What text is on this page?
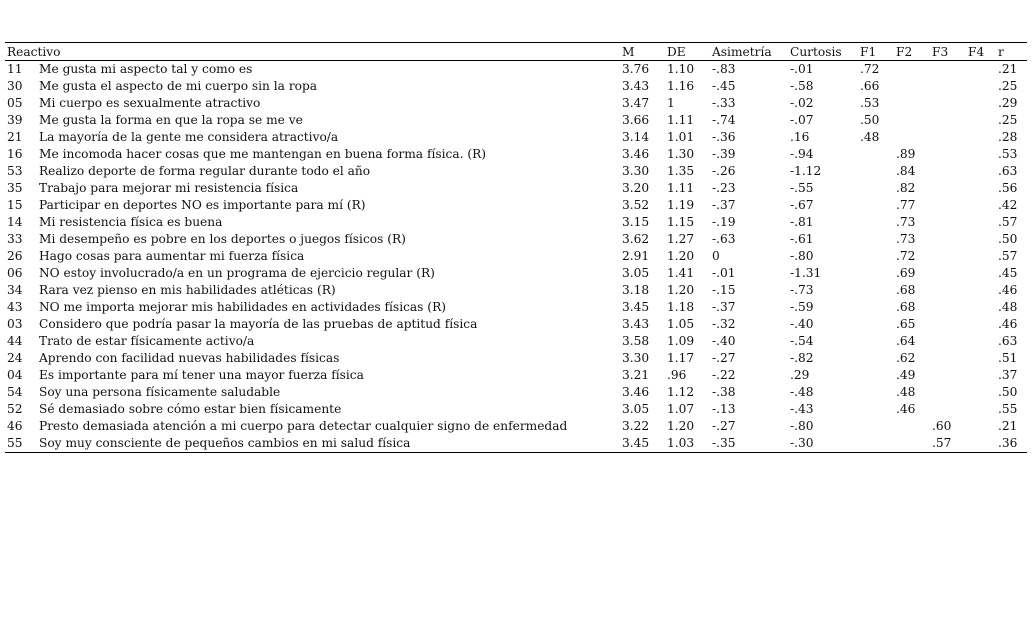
Reactivo		M	DE	Asimetría	Curtosis	F1	F2	F3	F4	r
11	Me gusta mi aspecto tal y como es	3.76	1.10	-.83	-.01	.72				.21
30	Me gusta el aspecto de mi cuerpo sin la ropa	3.43	1.16	-.45	-.58	.66				.25
05	Mi cuerpo es sexualmente atractivo	3.47	1	-.33	-.02	.53				.29
39	Me gusta la forma en que la ropa se me ve	3.66	1.11	-.74	-.07	.50				.25
21	La mayoría de la gente me considera atractivo/a	3.14	1.01	-.36	.16	.48				.28
16	Me incomoda hacer cosas que me mantengan en buena forma física. (R)	3.46	1.30	-.39	-.94		.89			.53
53	Realizo deporte de forma regular durante todo el año	3.30	1.35	-.26	-1.12		.84			.63
35	Trabajo para mejorar mi resistencia física	3.20	1.11	-.23	-.55		.82			.56
15	Participar en deportes NO es importante para mí (R)	3.52	1.19	-.37	-.67		.77			.42
14	Mi resistencia física es buena	3.15	1.15	-.19	-.81		.73			.57
33	Mi desempeño es pobre en los deportes o juegos físicos (R)	3.62	1.27	-.63	-.61		.73			.50
26	Hago cosas para aumentar mi fuerza física	2.91	1.20	0	-.80		.72			.57
06	NO estoy involucrado/a en un programa de ejercicio regular (R)	3.05	1.41	-.01	-1.31		.69			.45
34	Rara vez pienso en mis habilidades atléticas (R)	3.18	1.20	-.15	-.73		.68			.46
43	NO me importa mejorar mis habilidades en actividades físicas (R)	3.45	1.18	-.37	-.59		.68			.48
03	Considero que podría pasar la mayoría de las pruebas de aptitud física	3.43	1.05	-.32	-.40		.65			.46
44	Trato de estar físicamente activo/a	3.58	1.09	-.40	-.54		.64			.63
24	Aprendo con facilidad nuevas habilidades físicas	3.30	1.17	-.27	-.82		.62			.51
04	Es importante para mí tener una mayor fuerza física	3.21	.96	-.22	.29		.49			.37
54	Soy una persona físicamente saludable	3.46	1.12	-.38	-.48		.48			.50
52	Sé demasiado sobre cómo estar bien físicamente	3.05	1.07	-.13	-.43		.46			.55
46	Presto demasiada atención a mi cuerpo para detectar cualquier signo de enfermedad	3.22	1.20	-.27	-.80			.60		.21
55	Soy muy consciente de pequeños cambios en mi salud física	3.45	1.03	-.35	-.30			.57		.36
